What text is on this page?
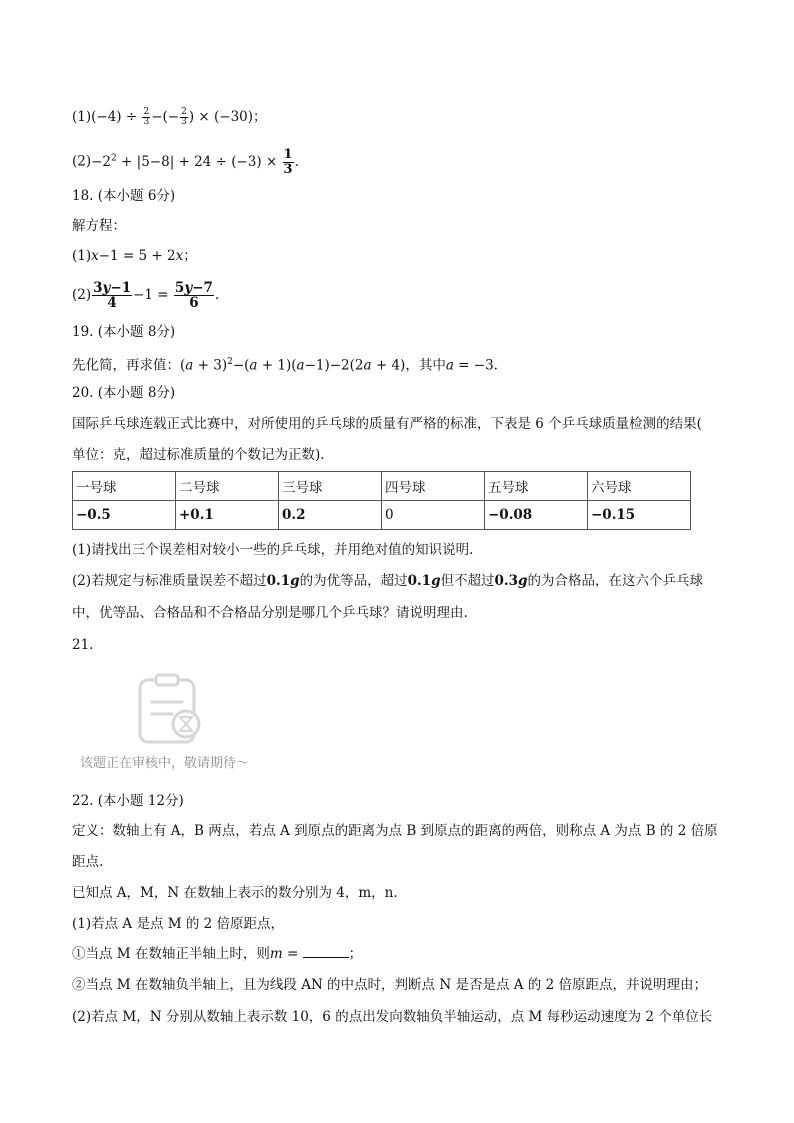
$(1)(-4) \div \frac{2}{3}$ −(− $\frac{2}{3}$ ) × (−30)；
$(2)-2^2 + |5-8| + 24 \div (-3) \times \frac{1}{3}$ .
18. (本小题 6分)
解方程：
(1)x−1 = 5 + 2x；
$(2) \frac{3y-1}{4} -1 = \frac{5y-7}{6}$ .
19. (本小题 8分)
先化简，再求值：$(a + 3)^2-(a + 1)(a-1)-2(2a + 4)$，其中a = −3.
20. (本小题 8分)
国际乒乓球连载正式比赛中，对所使用的乒乓球的质量有严格的标准，下表是 6 个乒乓球质量检测的结果(
单位：克，超过标准质量的个数记为正数).
一号球	二号球	三号球	四号球	五号球	六号球
−0.5	+0.1	0.2	0	−0.08	−0.15
(1)请找出三个误差相对较小一些的乒乓球，并用绝对值的知识说明.
(2)若规定与标准质量误差不超过0.1g的为优等品，超过0.1g但不超过0.3g的为合格品，在这六个乒乓球
中，优等品、合格品和不合格品分别是哪几个乒乓球？请说明理由.
21.
该题正在审核中，敬请期待～
22. (本小题 12分)
定义：数轴上有 A，B 两点，若点 A 到原点的距离为点 B 到原点的距离的两倍，则称点 A 为点 B 的 2 倍原
距点.
已知点 A，M，N 在数轴上表示的数分别为 4，m，n.
(1)若点 A 是点 M 的 2 倍原距点，
①当点 M 在数轴正半轴上时，则m =	；
②当点 M 在数轴负半轴上，且为线段 AN 的中点时，判断点 N 是否是点 A 的 2 倍原距点，并说明理由；
(2)若点 M，N 分别从数轴上表示数 10，6 的点出发向数轴负半轴运动，点 M 每秒运动速度为 2 个单位长
